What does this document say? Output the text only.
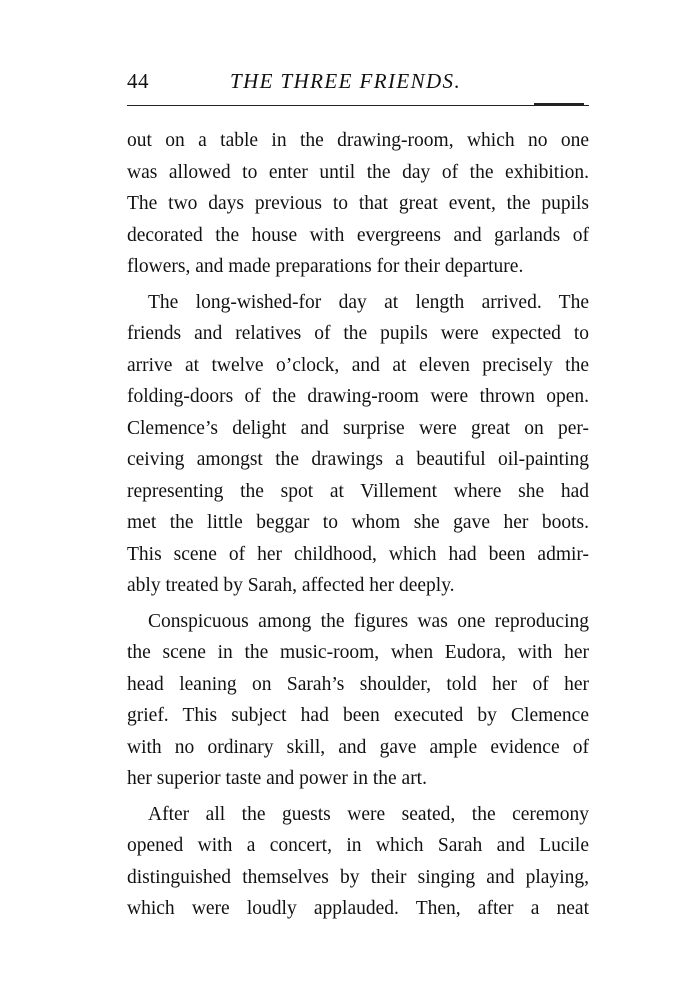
44	THE THREE FRIENDS.
out on a table in the drawing-room, which no one
was allowed to enter until the day of the exhibition.
The two days previous to that great event, the pupils
decorated the house with evergreens and garlands of
flowers, and made preparations for their departure.
The long-wished-for day at length arrived. The
friends and relatives of the pupils were expected to
arrive at twelve o’clock, and at eleven precisely the
folding-doors of the drawing-room were thrown open.
Clemence’s delight and surprise were great on per-
ceiving amongst the drawings a beautiful oil-painting
representing the spot at Villement where she had
met the little beggar to whom she gave her boots.
This scene of her childhood, which had been admir-
ably treated by Sarah, affected her deeply.
Conspicuous among the figures was one reproducing
the scene in the music-room, when Eudora, with her
head leaning on Sarah’s shoulder, told her of her
grief. This subject had been executed by Clemence
with no ordinary skill, and gave ample evidence of
her superior taste and power in the art.
After all the guests were seated, the ceremony
opened with a concert, in which Sarah and Lucile
distinguished themselves by their singing and playing,
which were loudly applauded. Then, after a neat
